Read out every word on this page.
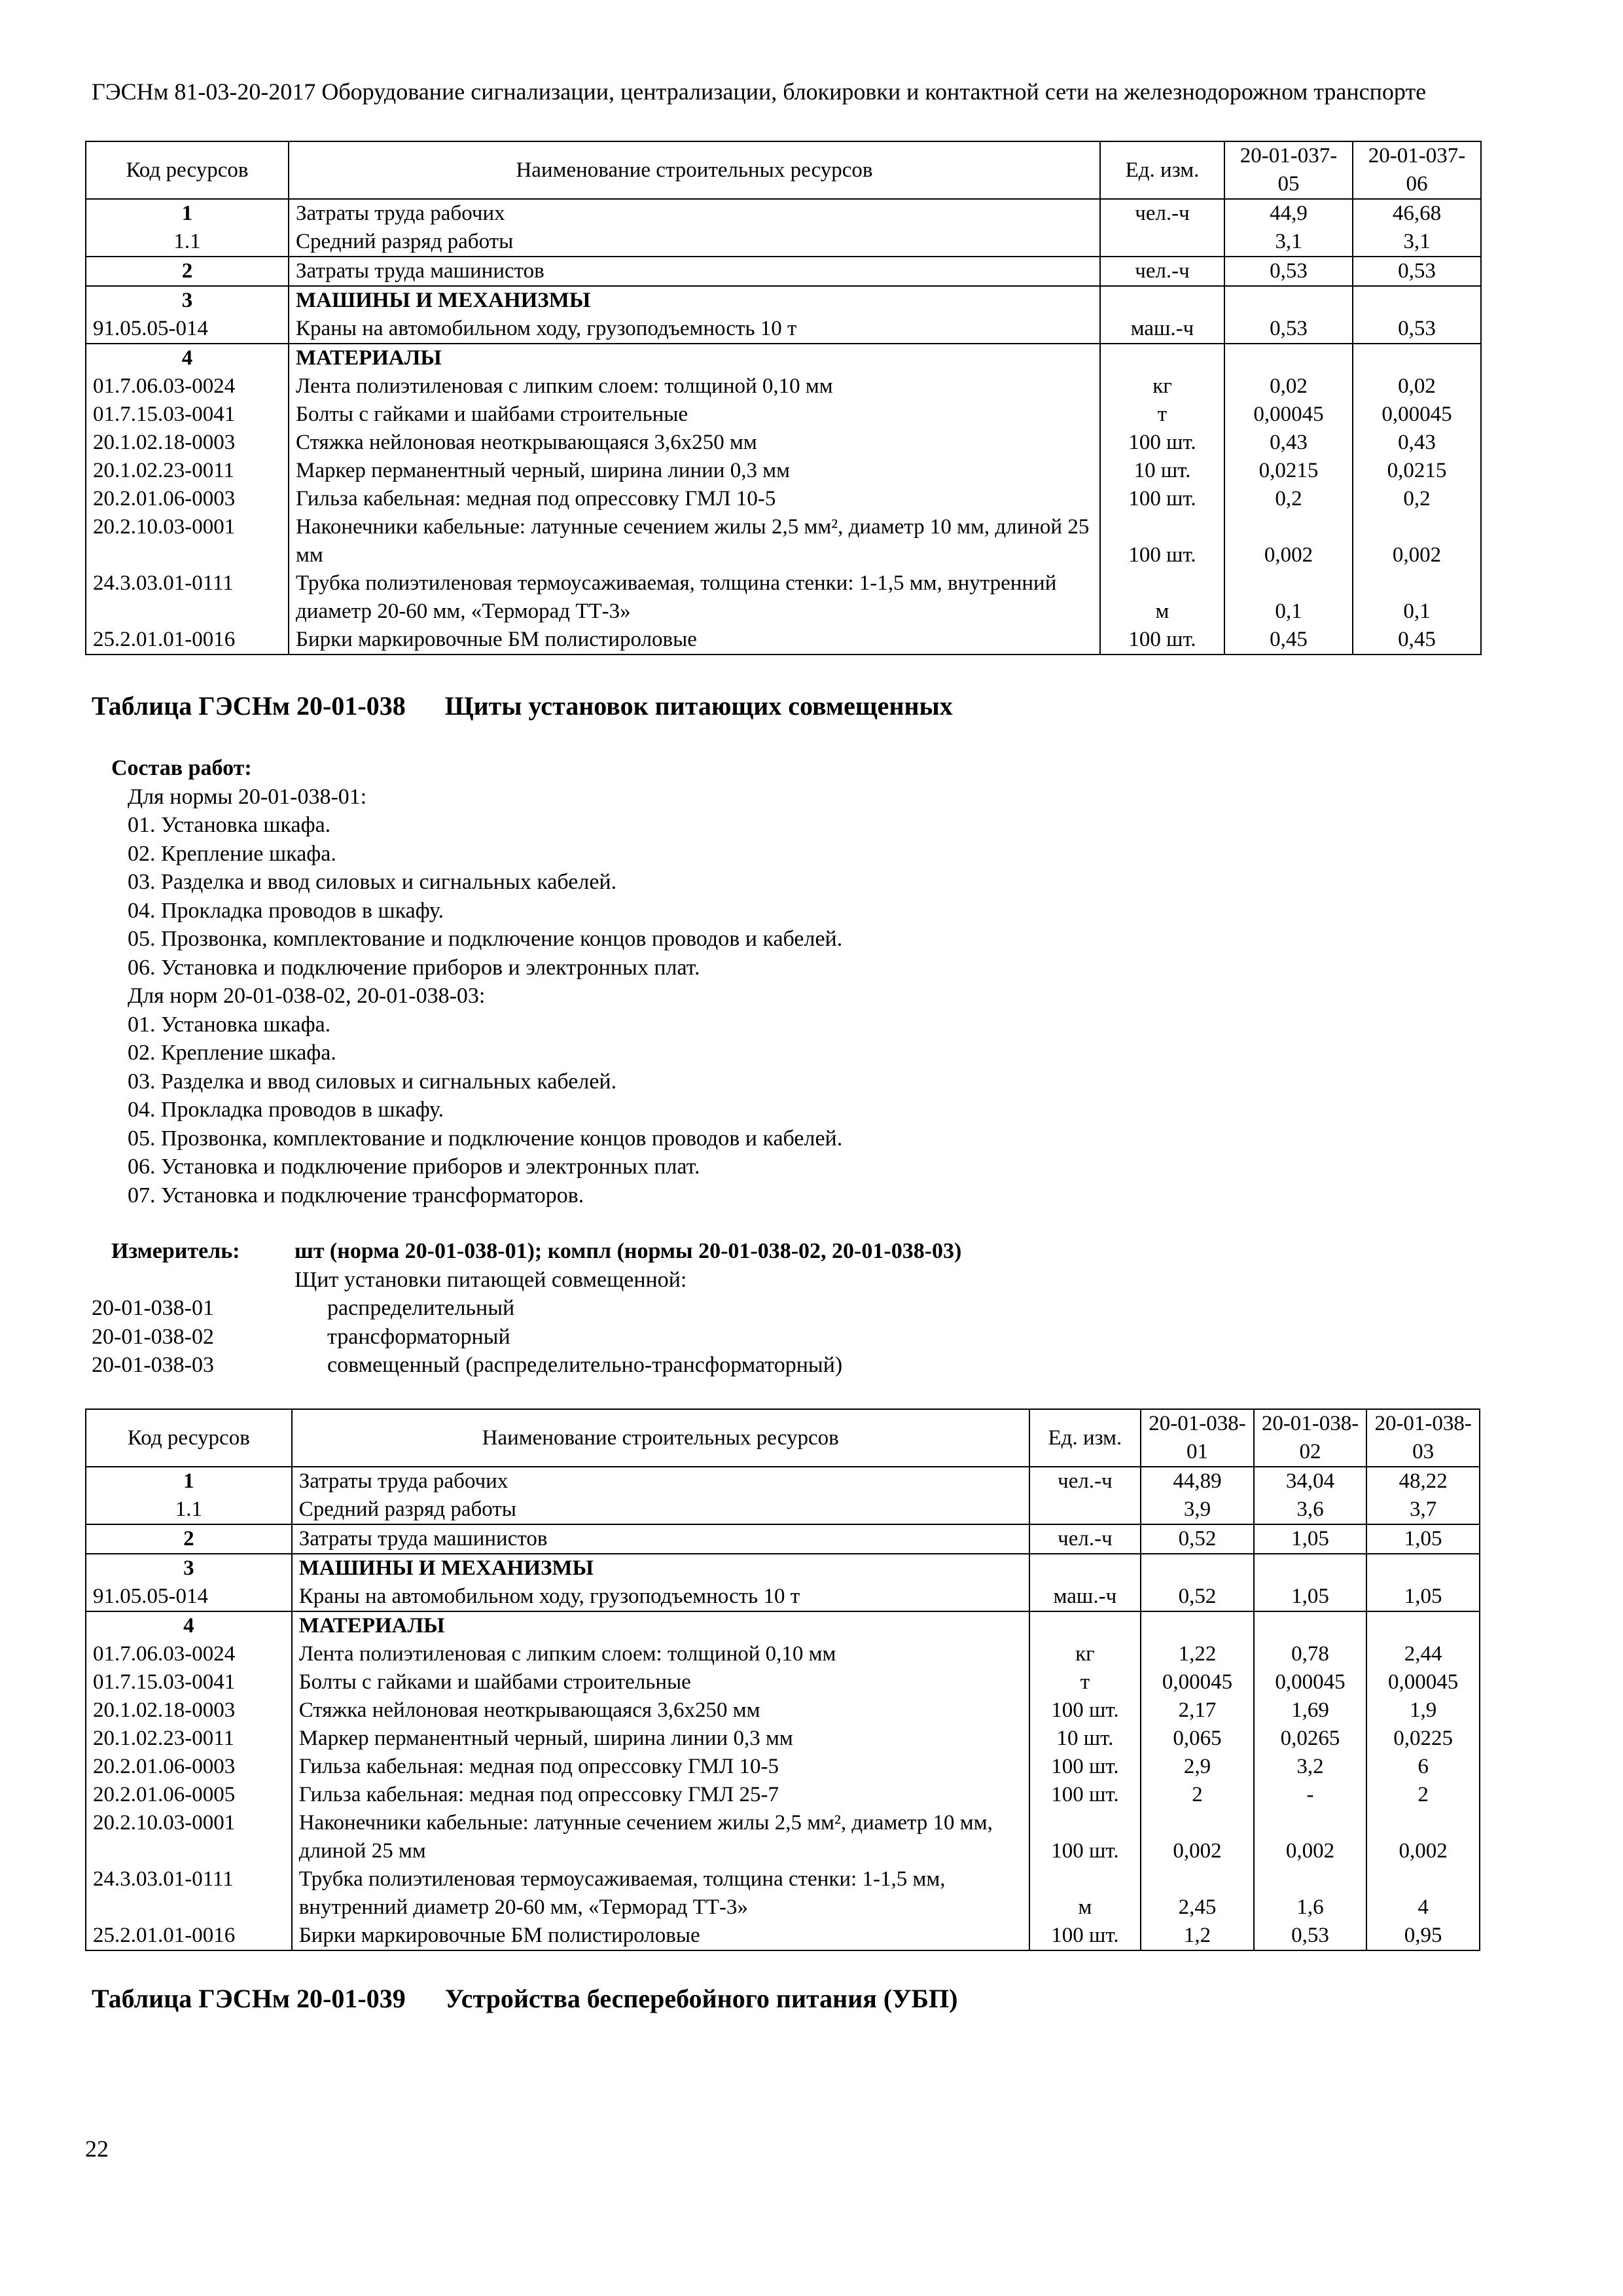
ГЭСНм 81-03-20-2017 Оборудование сигнализации, централизации, блокировки и контактной сети на железнодорожном транспорте
Код ресурсов	Наименование строительных ресурсов	Ед. изм.	20-01-037-05	20-01-037-06
1	Затраты труда рабочих	чел.-ч	44,9	46,68
1.1	Средний разряд работы		3,1	3,1
2	Затраты труда машинистов	чел.-ч	0,53	0,53
3	МАШИНЫ И МЕХАНИЗМЫ			
91.05.05-014	Краны на автомобильном ходу, грузоподъемность 10 т	маш.-ч	0,53	0,53
4	МАТЕРИАЛЫ			
01.7.06.03-0024	Лента полиэтиленовая с липким слоем: толщиной 0,10 мм	кг	0,02	0,02
01.7.15.03-0041	Болты с гайками и шайбами строительные	т	0,00045	0,00045
20.1.02.18-0003	Стяжка нейлоновая неоткрывающаяся 3,6х250 мм	100 шт.	0,43	0,43
20.1.02.23-0011	Маркер перманентный черный, ширина линии 0,3 мм	10 шт.	0,0215	0,0215
20.2.01.06-0003	Гильза кабельная: медная под опрессовку ГМЛ 10-5	100 шт.	0,2	0,2
20.2.10.03-0001	Наконечники кабельные: латунные сечением жилы 2,5 мм², диаметр 10 мм, длиной 25 мм	100 шт.	0,002	0,002
24.3.03.01-0111	Трубка полиэтиленовая термоусаживаемая, толщина стенки: 1-1,5 мм, внутренний диаметр 20-60 мм, «Терморад ТТ-3»	м	0,1	0,1
25.2.01.01-0016	Бирки маркировочные БМ полистироловые	100 шт.	0,45	0,45
Таблица ГЭСНм 20-01-038 Щиты установок питающих совмещенных
Состав работ:
Для нормы 20-01-038-01:
01. Установка шкафа.
02. Крепление шкафа.
03. Разделка и ввод силовых и сигнальных кабелей.
04. Прокладка проводов в шкафу.
05. Прозвонка, комплектование и подключение концов проводов и кабелей.
06. Установка и подключение приборов и электронных плат.
Для норм 20-01-038-02, 20-01-038-03:
01. Установка шкафа.
02. Крепление шкафа.
03. Разделка и ввод силовых и сигнальных кабелей.
04. Прокладка проводов в шкафу.
05. Прозвонка, комплектование и подключение концов проводов и кабелей.
06. Установка и подключение приборов и электронных плат.
07. Установка и подключение трансформаторов.
Измеритель:	шт (норма 20-01-038-01); компл (нормы 20-01-038-02, 20-01-038-03)
Щит установки питающей совмещенной:
20-01-038-01	распределительный
20-01-038-02	трансформаторный
20-01-038-03	совмещенный (распределительно-трансформаторный)
Код ресурсов	Наименование строительных ресурсов	Ед. изм.	20-01-038-01	20-01-038-02	20-01-038-03
1	Затраты труда рабочих	чел.-ч	44,89	34,04	48,22
1.1	Средний разряд работы		3,9	3,6	3,7
2	Затраты труда машинистов	чел.-ч	0,52	1,05	1,05
3	МАШИНЫ И МЕХАНИЗМЫ				
91.05.05-014	Краны на автомобильном ходу, грузоподъемность 10 т	маш.-ч	0,52	1,05	1,05
4	МАТЕРИАЛЫ				
01.7.06.03-0024	Лента полиэтиленовая с липким слоем: толщиной 0,10 мм	кг	1,22	0,78	2,44
01.7.15.03-0041	Болты с гайками и шайбами строительные	т	0,00045	0,00045	0,00045
20.1.02.18-0003	Стяжка нейлоновая неоткрывающаяся 3,6х250 мм	100 шт.	2,17	1,69	1,9
20.1.02.23-0011	Маркер перманентный черный, ширина линии 0,3 мм	10 шт.	0,065	0,0265	0,0225
20.2.01.06-0003	Гильза кабельная: медная под опрессовку ГМЛ 10-5	100 шт.	2,9	3,2	6
20.2.01.06-0005	Гильза кабельная: медная под опрессовку ГМЛ 25-7	100 шт.	2	-	2
20.2.10.03-0001	Наконечники кабельные: латунные сечением жилы 2,5 мм², диаметр 10 мм, длиной 25 мм	100 шт.	0,002	0,002	0,002
24.3.03.01-0111	Трубка полиэтиленовая термоусаживаемая, толщина стенки: 1-1,5 мм, внутренний диаметр 20-60 мм, «Терморад ТТ-3»	м	2,45	1,6	4
25.2.01.01-0016	Бирки маркировочные БМ полистироловые	100 шт.	1,2	0,53	0,95
Таблица ГЭСНм 20-01-039 Устройства бесперебойного питания (УБП)
22
